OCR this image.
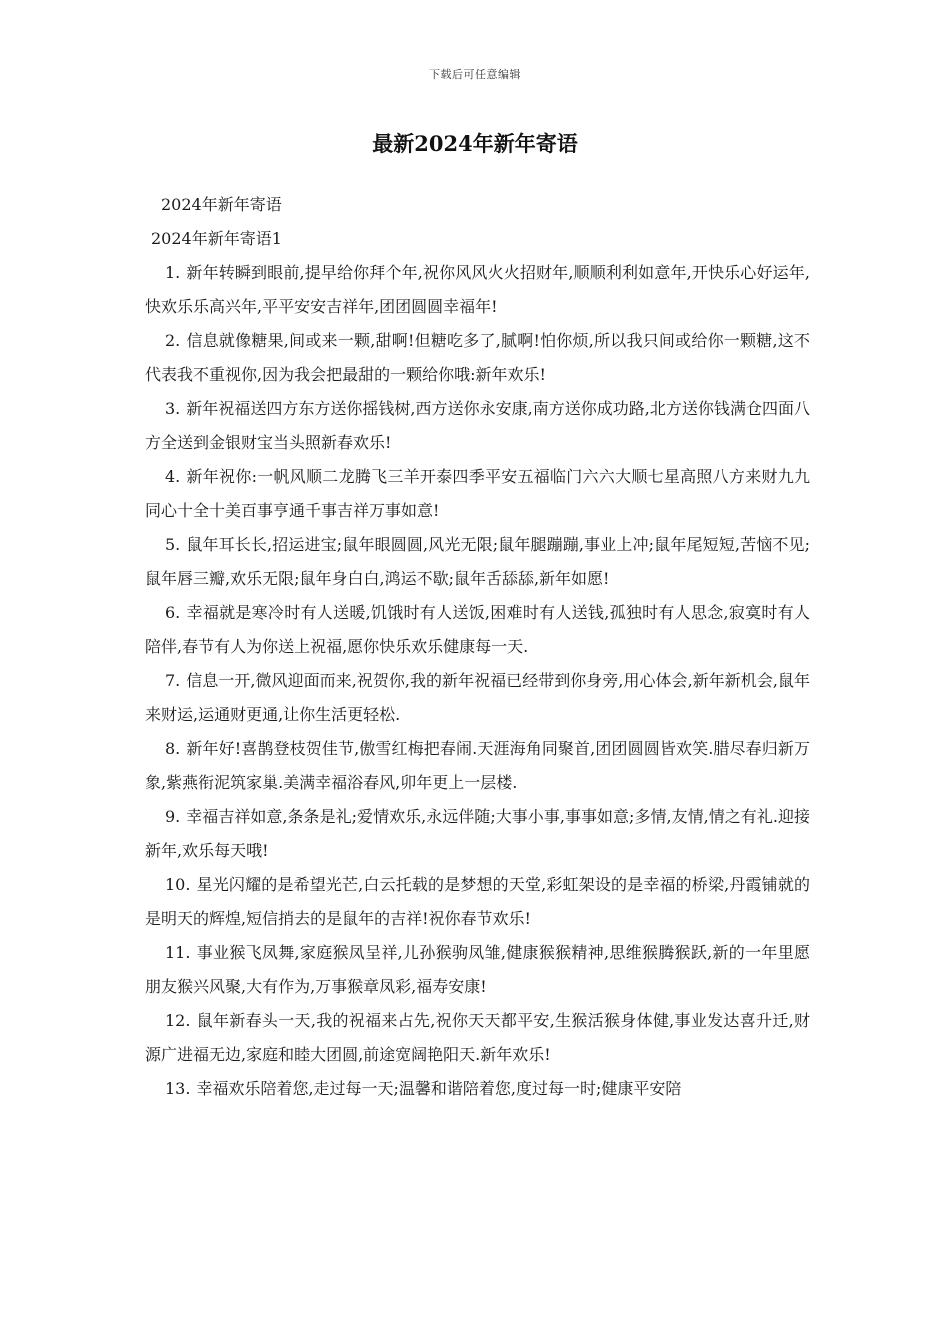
下载后可任意编辑
最新2024年新年寄语

2024年新年寄语

2024年新年寄语1

1. 新年转瞬到眼前,提早给你拜个年,祝你风风火火招财年,顺顺利利如意年,开快乐心好运年,快欢乐乐高兴年,平平安安吉祥年,团团圆圆幸福年!

2. 信息就像糖果,间或来一颗,甜啊!但糖吃多了,腻啊!怕你烦,所以我只间或给你一颗糖,这不代表我不重视你,因为我会把最甜的一颗给你哦:新年欢乐!

3. 新年祝福送四方东方送你摇钱树,西方送你永安康,南方送你成功路,北方送你钱满仓四面八方全送到金银财宝当头照新春欢乐!

4. 新年祝你:一帆风顺二龙腾飞三羊开泰四季平安五福临门六六大顺七星高照八方来财九九同心十全十美百事亨通千事吉祥万事如意!

5. 鼠年耳长长,招运进宝;鼠年眼圆圆,风光无限;鼠年腿蹦蹦,事业上冲;鼠年尾短短,苦恼不见;鼠年唇三瓣,欢乐无限;鼠年身白白,鸿运不歇;鼠年舌舔舔,新年如愿!

6. 幸福就是寒冷时有人送暖,饥饿时有人送饭,困难时有人送钱,孤独时有人思念,寂寞时有人陪伴,春节有人为你送上祝福,愿你快乐欢乐健康每一天.

7. 信息一开,微风迎面而来,祝贺你,我的新年祝福已经带到你身旁,用心体会,新年新机会,鼠年来财运,运通财更通,让你生活更轻松.

8. 新年好!喜鹊登枝贺佳节,傲雪红梅把春闹.天涯海角同聚首,团团圆圆皆欢笑.腊尽春归新万象,紫燕衔泥筑家巢.美满幸福浴春风,卯年更上一层楼.

9. 幸福吉祥如意,条条是礼;爱情欢乐,永远伴随;大事小事,事事如意;多情,友情,情之有礼.迎接新年,欢乐每天哦!

10. 星光闪耀的是希望光芒,白云托载的是梦想的天堂,彩虹架设的是幸福的桥梁,丹霞铺就的是明天的辉煌,短信捎去的是鼠年的吉祥!祝你春节欢乐!

11. 事业猴飞凤舞,家庭猴凤呈祥,儿孙猴驹凤雏,健康猴猴精神,思维猴腾猴跃,新的一年里愿朋友猴兴风聚,大有作为,万事猴章凤彩,福寿安康!

12. 鼠年新春头一天,我的祝福来占先,祝你天天都平安,生猴活猴身体健,事业发达喜升迁,财源广进福无边,家庭和睦大团圆,前途宽阔艳阳天.新年欢乐!

13. 幸福欢乐陪着您,走过每一天;温馨和谐陪着您,度过每一时;健康平安陪
